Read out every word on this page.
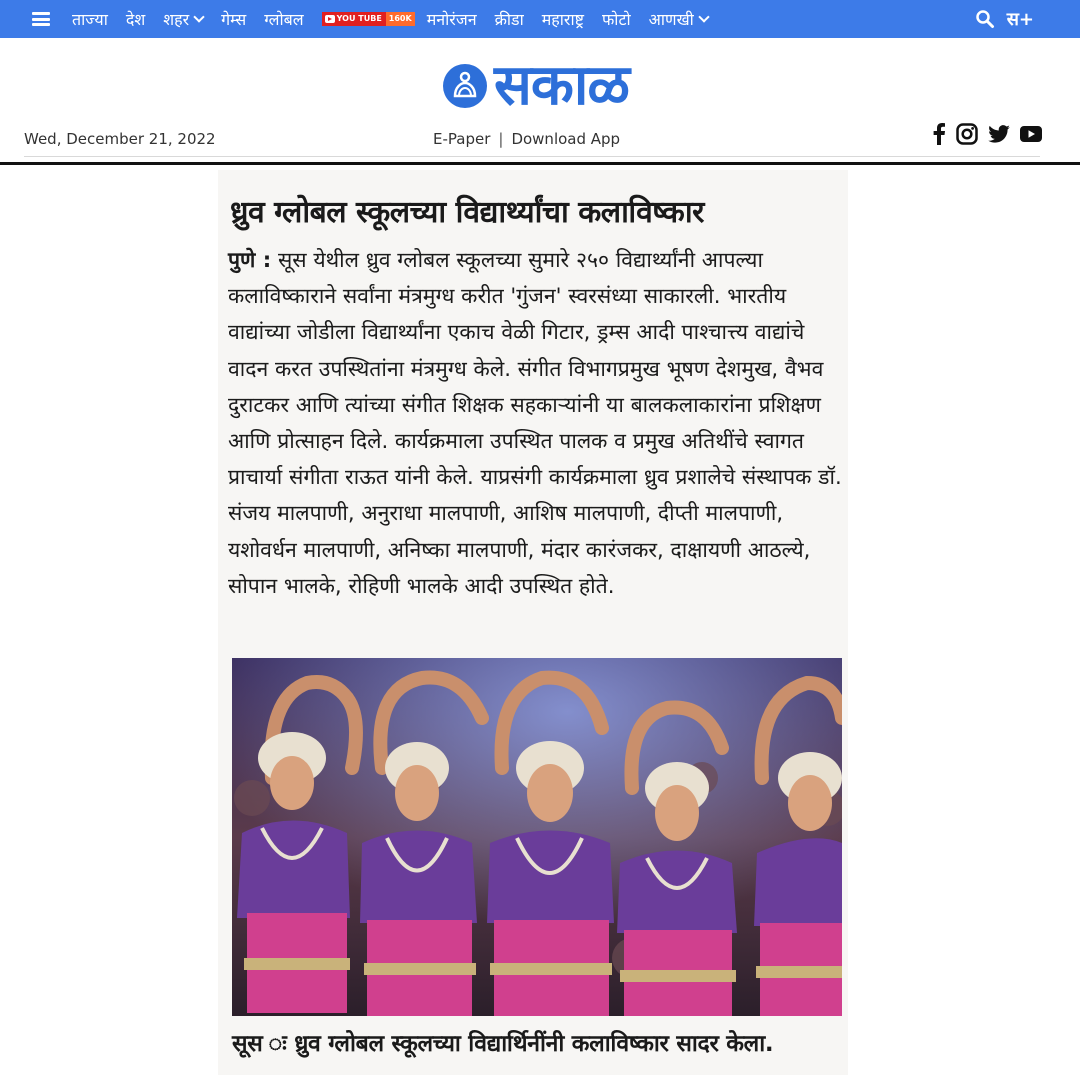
ताज्या देश शहर गेम्स ग्लोबल	YOU TUBE 160K मनोरंजन क्रीडा महाराष्ट्र फोटो आणखी	स+
सकाळ
Wed, December 21, 2022	E-Paper | Download App
ध्रुव ग्लोबल स्कूलच्या विद्यार्थ्यांचा कलाविष्कार
पुणे : सूस येथील ध्रुव ग्लोबल स्कूलच्या सुमारे २५० विद्यार्थ्यांनी आपल्या कलाविष्काराने सर्वांना मंत्रमुग्ध करीत 'गुंजन' स्वरसंध्या साकारली. भारतीय वाद्यांच्या जोडीला विद्यार्थ्यांना एकाच वेळी गिटार, ड्रम्स आदी पाश्‍चात्त्य वाद्यांचे वादन करत उपस्थितांना मंत्रमुग्ध केले. संगीत विभागप्रमुख भूषण देशमुख, वैभव दुराटकर आणि त्यांच्या संगीत शिक्षक सहकाऱ्यांनी या बालकलाकारांना प्रशिक्षण आणि प्रोत्साहन दिले. कार्यक्रमाला उपस्थित पालक व प्रमुख अतिथींचे स्वागत प्राचार्या संगीता राऊत यांनी केले. याप्रसंगी कार्यक्रमाला ध्रुव प्रशालेचे संस्थापक डॉ. संजय मालपाणी, अनुराधा मालपाणी, आशिष मालपाणी, दीप्ती मालपाणी, यशोवर्धन मालपाणी, अनिष्का मालपाणी, मंदार कारंजकर, दाक्षायणी आठल्ये, सोपान भालके, रोहिणी भालके आदी उपस्थित होते.
सूस ः ध्रुव ग्लोबल स्कूलच्या विद्यार्थिनींनी कलाविष्कार सादर केला.
